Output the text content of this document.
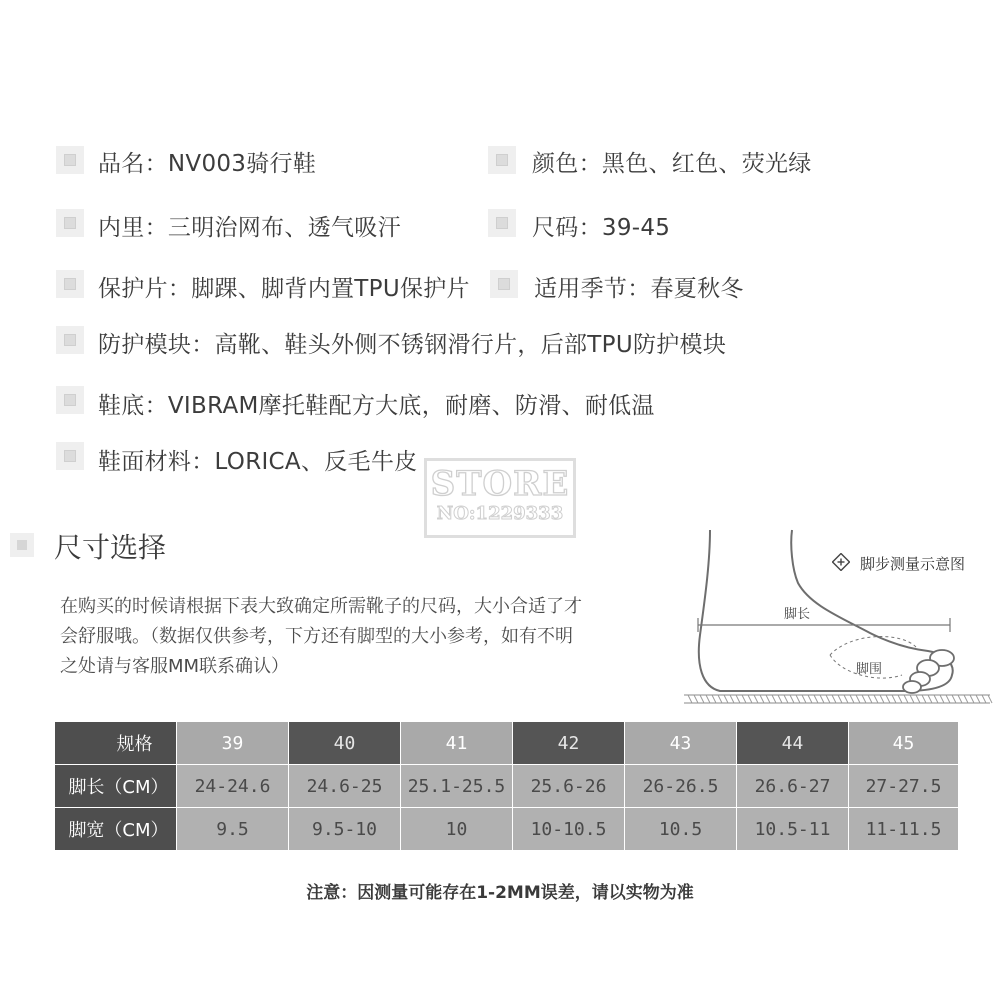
品名：NV003骑行鞋	颜色：黑色、红色、荧光绿
内里：三明治网布、透气吸汗	尺码：39-45
保护片：脚踝、脚背内置TPU保护片	适用季节：春夏秋冬
防护模块：高靴、鞋头外侧不锈钢滑行片，后部TPU防护模块
鞋底：VIBRAM摩托鞋配方大底，耐磨、防滑、耐低温
鞋面材料：LORICA、反毛牛皮
STORE
NO:1229333
尺寸选择
在购买的时候请根据下表大致确定所需靴子的尺码，大小合适了才
会舒服哦。（数据仅供参考，下方还有脚型的大小参考，如有不明
之处请与客服MM联系确认）
脚长
脚围
脚步测量示意图
规格	39	40	41	42	43	44	45
脚长（CM）	24-24.6	24.6-25	25.1-25.5	25.6-26	26-26.5	26.6-27	27-27.5
脚宽（CM）	9.5	9.5-10	10	10-10.5	10.5	10.5-11	11-11.5
注意：因测量可能存在1-2MM误差，请以实物为准
